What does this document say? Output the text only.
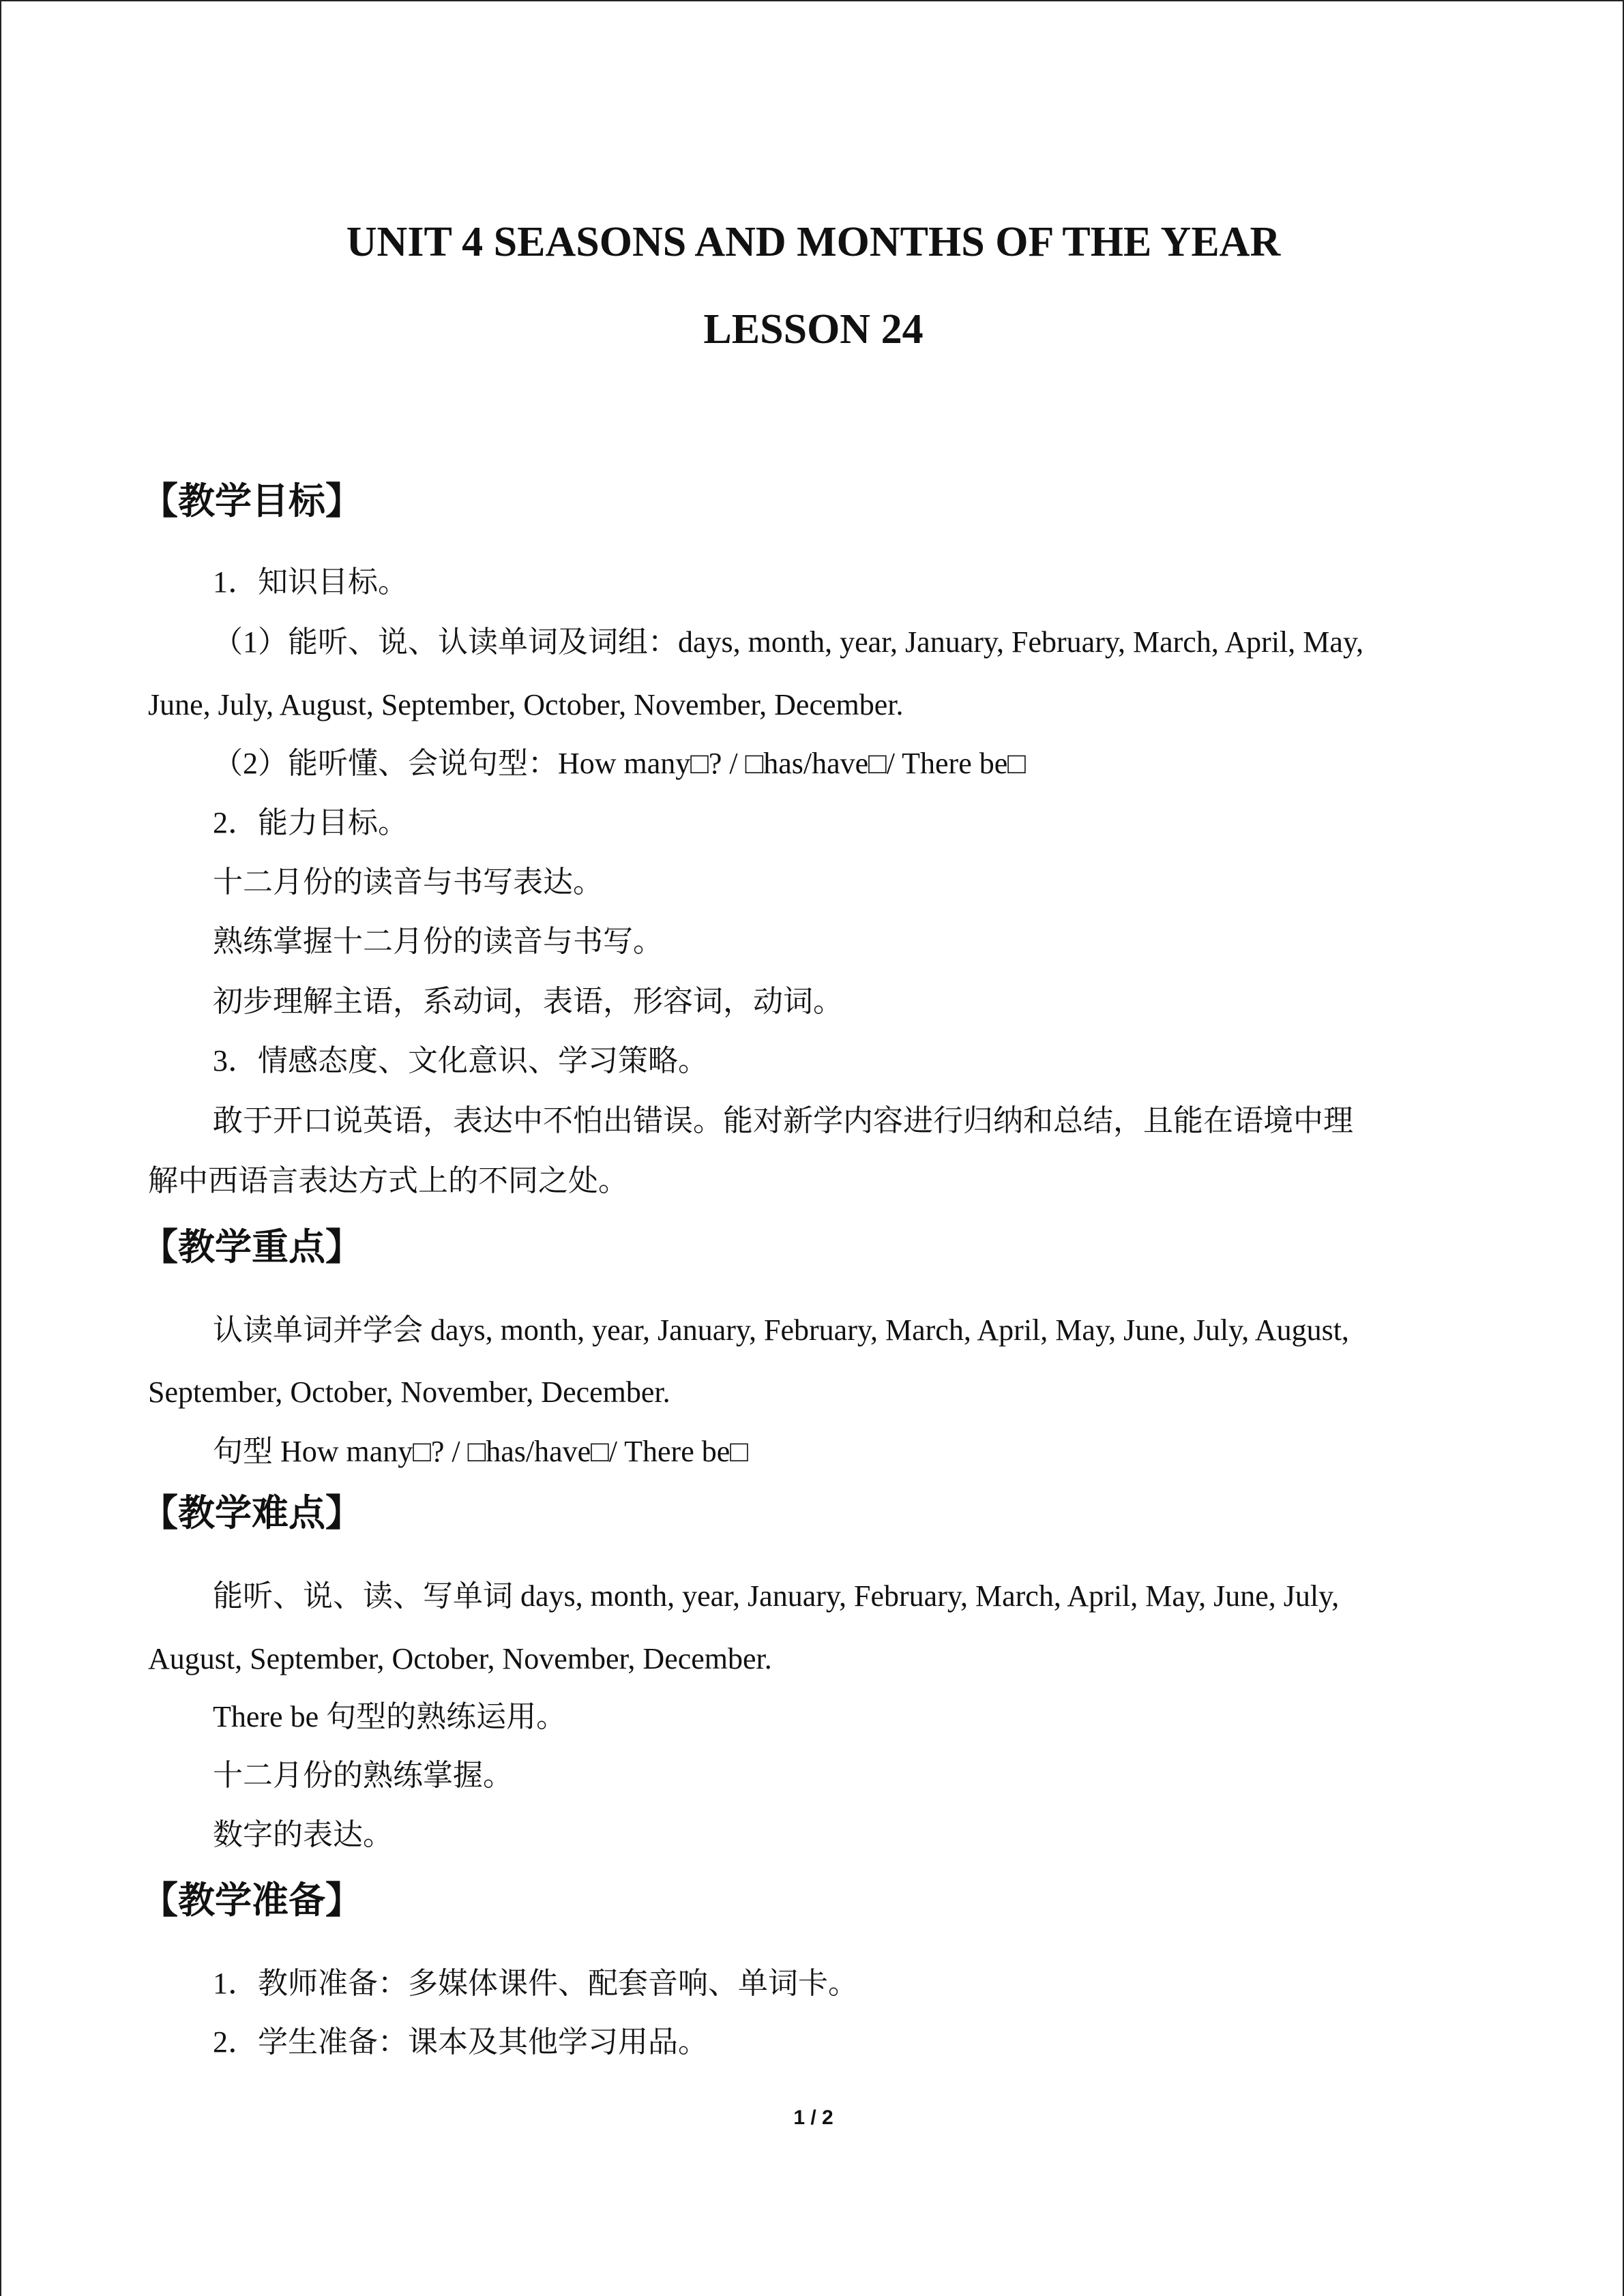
UNIT 4 SEASONS AND MONTHS OF THE YEAR
LESSON 24
【教学目标】
1．知识目标。
（1）能听、说、认读单词及词组：days, month, year, January, February, March, April, May,
June, July, August, September, October, November, December.
（2）能听懂、会说句型：How many□? / □has/have□/ There be□
2．能力目标。
十二月份的读音与书写表达。
熟练掌握十二月份的读音与书写。
初步理解主语，系动词，表语，形容词，动词。
3．情感态度、文化意识、学习策略。
敢于开口说英语，表达中不怕出错误。能对新学内容进行归纳和总结，且能在语境中理
解中西语言表达方式上的不同之处。
【教学重点】
认读单词并学会 days, month, year, January, February, March, April, May, June, July, August,
September, October, November, December.
句型 How many□? / □has/have□/ There be□
【教学难点】
能听、说、读、写单词 days, month, year, January, February, March, April, May, June, July,
August, September, October, November, December.
There be 句型的熟练运用。
十二月份的熟练掌握。
数字的表达。
【教学准备】
1．教师准备：多媒体课件、配套音响、单词卡。
2．学生准备：课本及其他学习用品。
1 / 2
